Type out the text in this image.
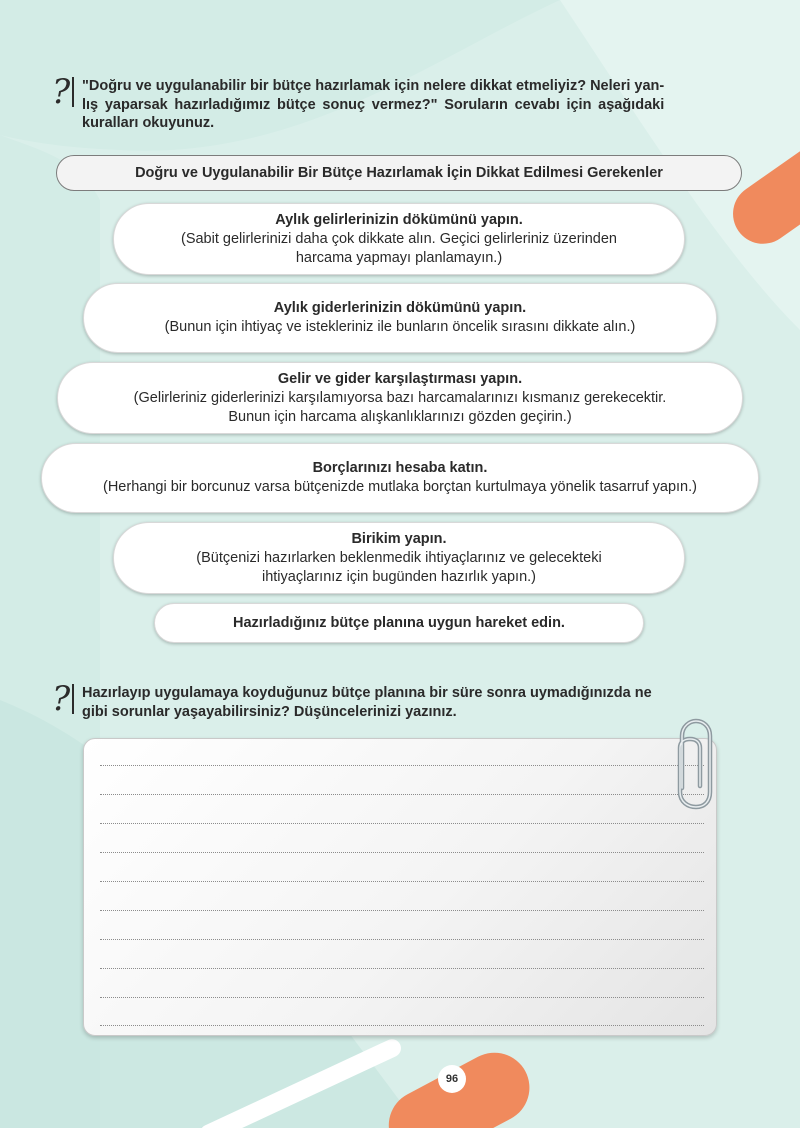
? "Doğru ve uygulanabilir bir bütçe hazırlamak için nelere dikkat etmeliyiz? Neleri yan-
lış yaparsak hazırladığımız bütçe sonuç vermez?" Soruların cevabı için aşağıdaki
kuralları okuyunuz.
Doğru ve Uygulanabilir Bir Bütçe Hazırlamak İçin Dikkat Edilmesi Gerekenler
Aylık gelirlerinizin dökümünü yapın.
(Sabit gelirlerinizi daha çok dikkate alın. Geçici gelirleriniz üzerinden
harcama yapmayı planlamayın.)
Aylık giderlerinizin dökümünü yapın.
(Bunun için ihtiyaç ve istekleriniz ile bunların öncelik sırasını dikkate alın.)
Gelir ve gider karşılaştırması yapın.
(Gelirleriniz giderlerinizi karşılamıyorsa bazı harcamalarınızı kısmanız gerekecektir.
Bunun için harcama alışkanlıklarınızı gözden geçirin.)
Borçlarınızı hesaba katın.
(Herhangi bir borcunuz varsa bütçenizde mutlaka borçtan kurtulmaya yönelik tasarruf yapın.)
Birikim yapın.
(Bütçenizi hazırlarken beklenmedik ihtiyaçlarınız ve gelecekteki
ihtiyaçlarınız için bugünden hazırlık yapın.)
Hazırladığınız bütçe planına uygun hareket edin.
? Hazırlayıp uygulamaya koyduğunuz bütçe planına bir süre sonra uymadığınızda ne
gibi sorunlar yaşayabilirsiniz? Düşüncelerinizi yazınız.
96
